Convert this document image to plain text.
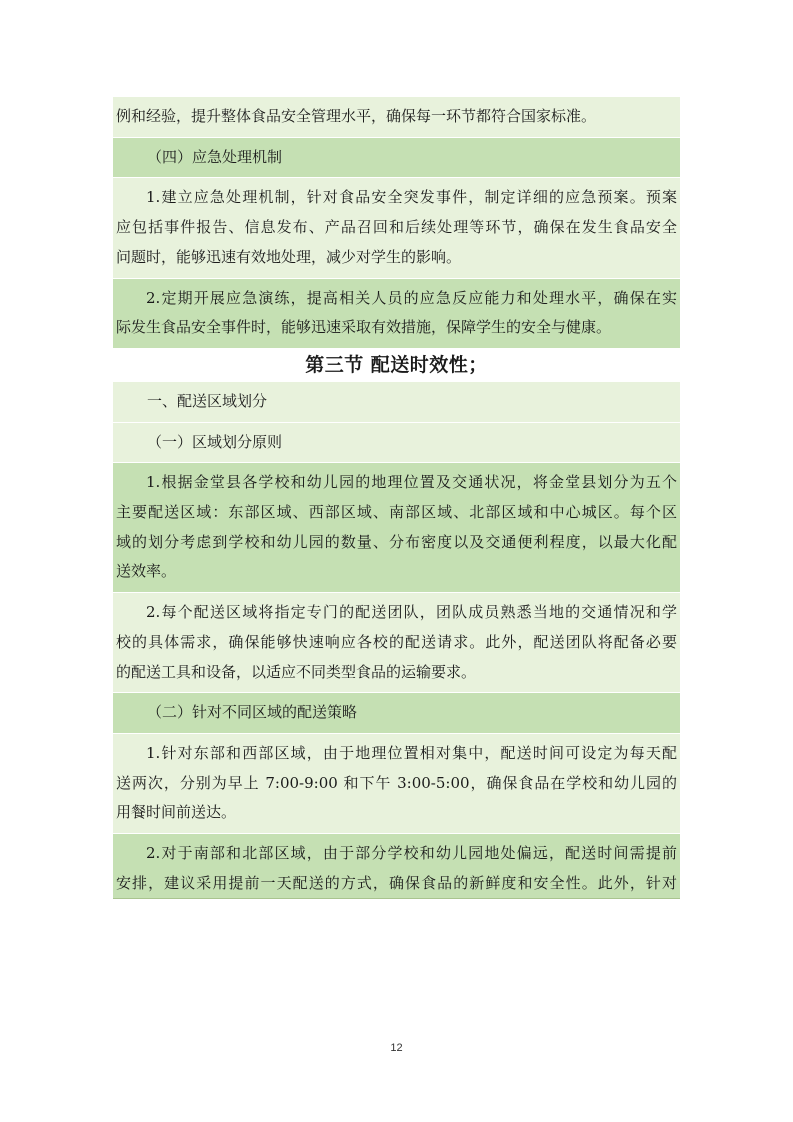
例和经验，提升整体食品安全管理水平，确保每一环节都符合国家标准。
（四）应急处理机制
1.建立应急处理机制，针对食品安全突发事件，制定详细的应急预案。预案
应包括事件报告、信息发布、产品召回和后续处理等环节，确保在发生食品安全
问题时，能够迅速有效地处理，减少对学生的影响。
2.定期开展应急演练，提高相关人员的应急反应能力和处理水平，确保在实
际发生食品安全事件时，能够迅速采取有效措施，保障学生的安全与健康。
第三节 配送时效性；
一、配送区域划分
（一）区域划分原则
1.根据金堂县各学校和幼儿园的地理位置及交通状况，将金堂县划分为五个
主要配送区域：东部区域、西部区域、南部区域、北部区域和中心城区。每个区
域的划分考虑到学校和幼儿园的数量、分布密度以及交通便利程度，以最大化配
送效率。
2.每个配送区域将指定专门的配送团队，团队成员熟悉当地的交通情况和学
校的具体需求，确保能够快速响应各校的配送请求。此外，配送团队将配备必要
的配送工具和设备，以适应不同类型食品的运输要求。
（二）针对不同区域的配送策略
1.针对东部和西部区域，由于地理位置相对集中，配送时间可设定为每天配
送两次，分别为早上 7:00-9:00 和下午 3:00-5:00，确保食品在学校和幼儿园的
用餐时间前送达。
2.对于南部和北部区域，由于部分学校和幼儿园地处偏远，配送时间需提前
安排，建议采用提前一天配送的方式，确保食品的新鲜度和安全性。此外，针对
12
